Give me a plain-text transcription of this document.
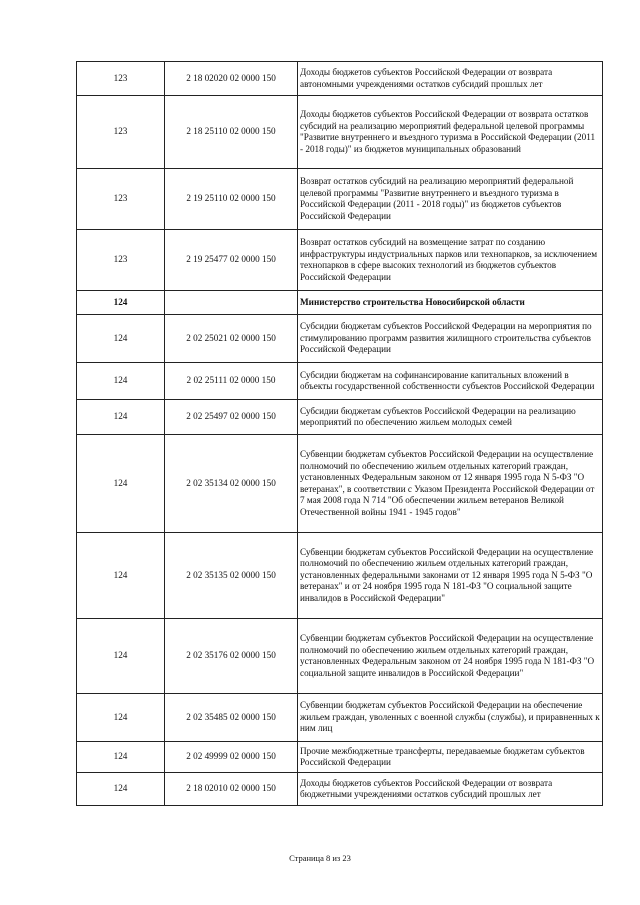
123	2 18 02020 02 0000 150	Доходы бюджетов субъектов Российской Федерации от возврата автономными учреждениями остатков субсидий прошлых лет
123	2 18 25110 02 0000 150	Доходы бюджетов субъектов Российской Федерации от возврата остатков субсидий на реализацию мероприятий федеральной целевой программы "Развитие внутреннего и въездного туризма в Российской Федерации (2011 - 2018 годы)" из бюджетов муниципальных образований
123	2 19 25110 02 0000 150	Возврат остатков субсидий на реализацию мероприятий федеральной целевой программы "Развитие внутреннего и въездного туризма в Российской Федерации (2011 - 2018 годы)" из бюджетов субъектов Российской Федерации
123	2 19 25477 02 0000 150	Возврат остатков субсидий на возмещение затрат по созданию инфраструктуры индустриальных парков или технопарков, за исключением технопарков в сфере высоких технологий из бюджетов субъектов Российской Федерации
124		Министерство строительства Новосибирской области
124	2 02 25021 02 0000 150	Субсидии бюджетам субъектов Российской Федерации на мероприятия по стимулированию программ развития жилищного строительства субъектов Российской Федерации
124	2 02 25111 02 0000 150	Субсидии бюджетам на софинансирование капитальных вложений в объекты государственной собственности субъектов Российской Федерации
124	2 02 25497 02 0000 150	Субсидии бюджетам субъектов Российской Федерации на реализацию мероприятий по обеспечению жильем молодых семей
124	2 02 35134 02 0000 150	Субвенции бюджетам субъектов Российской Федерации на осуществление полномочий по обеспечению жильем отдельных категорий граждан, установленных Федеральным законом от 12 января 1995 года N 5-ФЗ "О ветеранах", в соответствии с Указом Президента Российской Федерации от 7 мая 2008 года N 714 "Об обеспечении жильем ветеранов Великой Отечественной войны 1941 - 1945 годов"
124	2 02 35135 02 0000 150	Субвенции бюджетам субъектов Российской Федерации на осуществление полномочий по обеспечению жильем отдельных категорий граждан, установленных федеральными законами от 12 января 1995 года N 5-ФЗ "О ветеранах" и от 24 ноября 1995 года N 181-ФЗ "О социальной защите инвалидов в Российской Федерации"
124	2 02 35176 02 0000 150	Субвенции бюджетам субъектов Российской Федерации на осуществление полномочий по обеспечению жильем отдельных категорий граждан, установленных Федеральным законом от 24 ноября 1995 года N 181-ФЗ "О социальной защите инвалидов в Российской Федерации"
124	2 02 35485 02 0000 150	Субвенции бюджетам субъектов Российской Федерации на обеспечение жильем граждан, уволенных с военной службы (службы), и приравненных к ним лиц
124	2 02 49999 02 0000 150	Прочие межбюджетные трансферты, передаваемые бюджетам субъектов Российской Федерации
124	2 18 02010 02 0000 150	Доходы бюджетов субъектов Российской Федерации от возврата бюджетными учреждениями остатков субсидий прошлых лет
Страница 8 из 23
